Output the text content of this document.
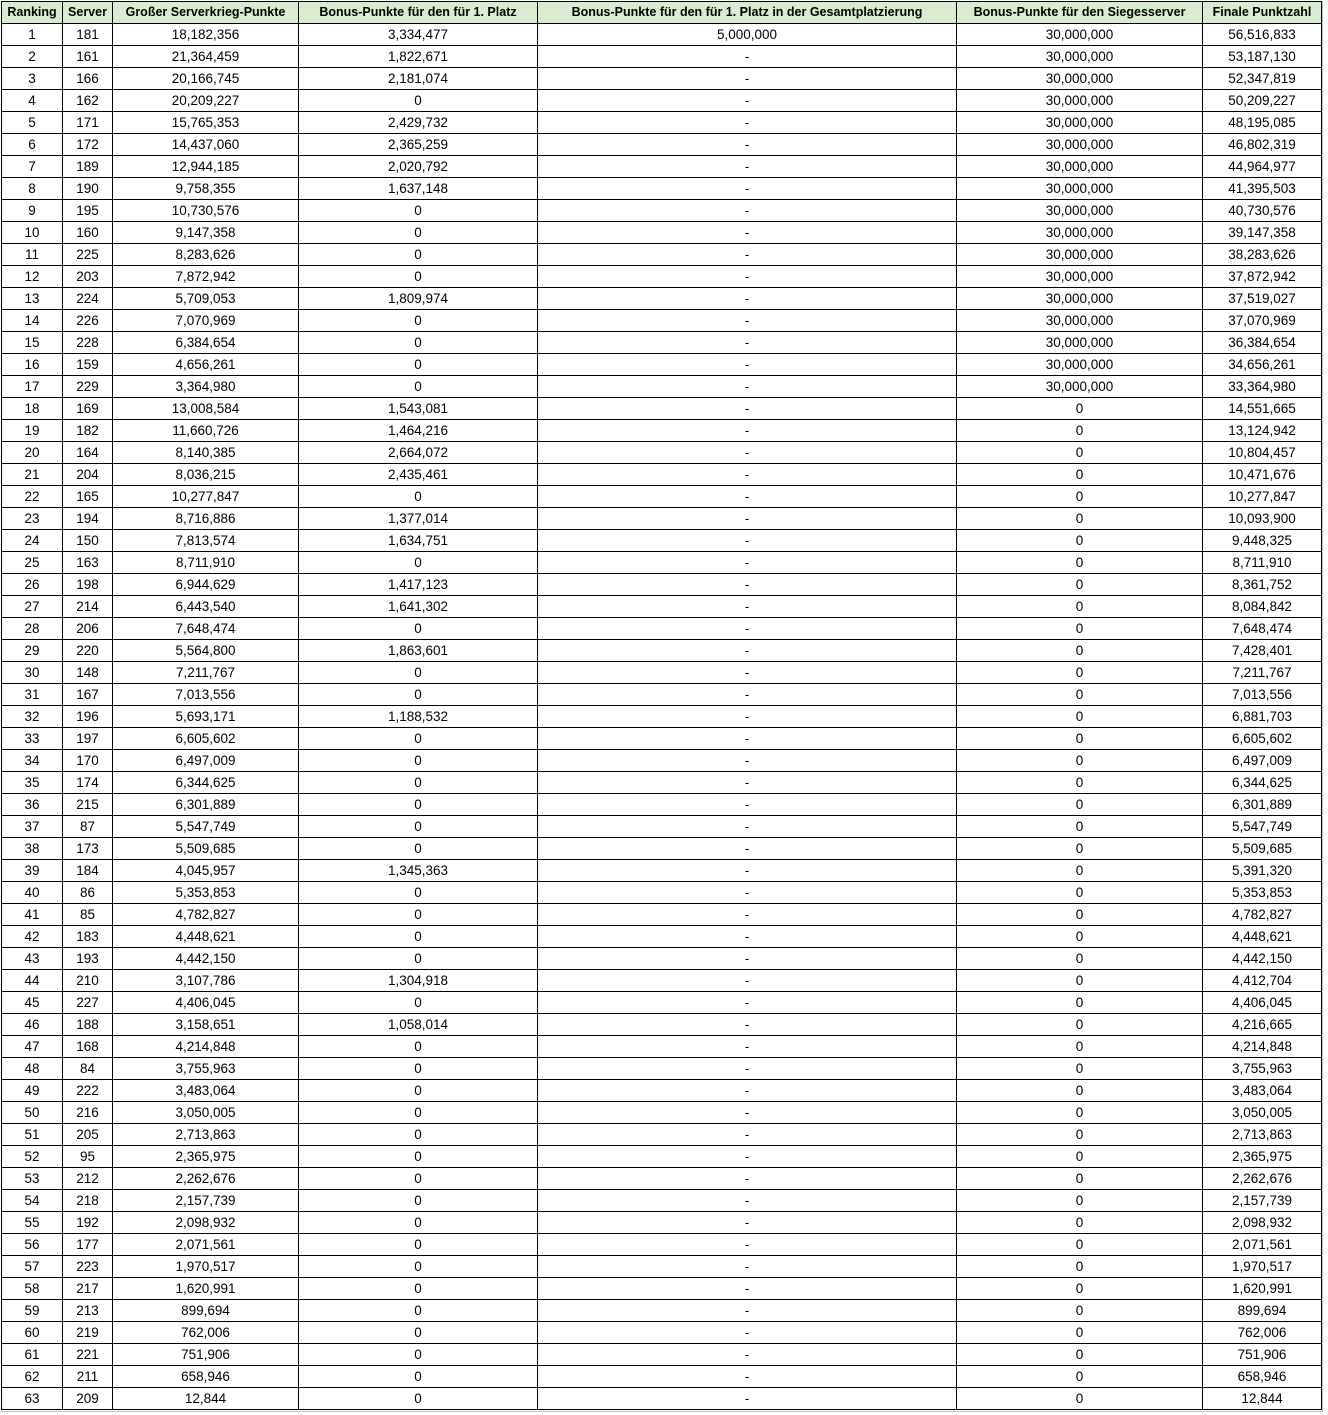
Ranking	Server	Großer Serverkrieg-Punkte	Bonus-Punkte für den für 1. Platz	Bonus-Punkte für den für 1. Platz in der Gesamtplatzierung	Bonus-Punkte für den Siegesserver	Finale Punktzahl
1	181	18,182,356	3,334,477	5,000,000	30,000,000	56,516,833
2	161	21,364,459	1,822,671	-	30,000,000	53,187,130
3	166	20,166,745	2,181,074	-	30,000,000	52,347,819
4	162	20,209,227	0	-	30,000,000	50,209,227
5	171	15,765,353	2,429,732	-	30,000,000	48,195,085
6	172	14,437,060	2,365,259	-	30,000,000	46,802,319
7	189	12,944,185	2,020,792	-	30,000,000	44,964,977
8	190	9,758,355	1,637,148	-	30,000,000	41,395,503
9	195	10,730,576	0	-	30,000,000	40,730,576
10	160	9,147,358	0	-	30,000,000	39,147,358
11	225	8,283,626	0	-	30,000,000	38,283,626
12	203	7,872,942	0	-	30,000,000	37,872,942
13	224	5,709,053	1,809,974	-	30,000,000	37,519,027
14	226	7,070,969	0	-	30,000,000	37,070,969
15	228	6,384,654	0	-	30,000,000	36,384,654
16	159	4,656,261	0	-	30,000,000	34,656,261
17	229	3,364,980	0	-	30,000,000	33,364,980
18	169	13,008,584	1,543,081	-	0	14,551,665
19	182	11,660,726	1,464,216	-	0	13,124,942
20	164	8,140,385	2,664,072	-	0	10,804,457
21	204	8,036,215	2,435,461	-	0	10,471,676
22	165	10,277,847	0	-	0	10,277,847
23	194	8,716,886	1,377,014	-	0	10,093,900
24	150	7,813,574	1,634,751	-	0	9,448,325
25	163	8,711,910	0	-	0	8,711,910
26	198	6,944,629	1,417,123	-	0	8,361,752
27	214	6,443,540	1,641,302	-	0	8,084,842
28	206	7,648,474	0	-	0	7,648,474
29	220	5,564,800	1,863,601	-	0	7,428,401
30	148	7,211,767	0	-	0	7,211,767
31	167	7,013,556	0	-	0	7,013,556
32	196	5,693,171	1,188,532	-	0	6,881,703
33	197	6,605,602	0	-	0	6,605,602
34	170	6,497,009	0	-	0	6,497,009
35	174	6,344,625	0	-	0	6,344,625
36	215	6,301,889	0	-	0	6,301,889
37	87	5,547,749	0	-	0	5,547,749
38	173	5,509,685	0	-	0	5,509,685
39	184	4,045,957	1,345,363	-	0	5,391,320
40	86	5,353,853	0	-	0	5,353,853
41	85	4,782,827	0	-	0	4,782,827
42	183	4,448,621	0	-	0	4,448,621
43	193	4,442,150	0	-	0	4,442,150
44	210	3,107,786	1,304,918	-	0	4,412,704
45	227	4,406,045	0	-	0	4,406,045
46	188	3,158,651	1,058,014	-	0	4,216,665
47	168	4,214,848	0	-	0	4,214,848
48	84	3,755,963	0	-	0	3,755,963
49	222	3,483,064	0	-	0	3,483,064
50	216	3,050,005	0	-	0	3,050,005
51	205	2,713,863	0	-	0	2,713,863
52	95	2,365,975	0	-	0	2,365,975
53	212	2,262,676	0	-	0	2,262,676
54	218	2,157,739	0	-	0	2,157,739
55	192	2,098,932	0	-	0	2,098,932
56	177	2,071,561	0	-	0	2,071,561
57	223	1,970,517	0	-	0	1,970,517
58	217	1,620,991	0	-	0	1,620,991
59	213	899,694	0	-	0	899,694
60	219	762,006	0	-	0	762,006
61	221	751,906	0	-	0	751,906
62	211	658,946	0	-	0	658,946
63	209	12,844	0	-	0	12,844
